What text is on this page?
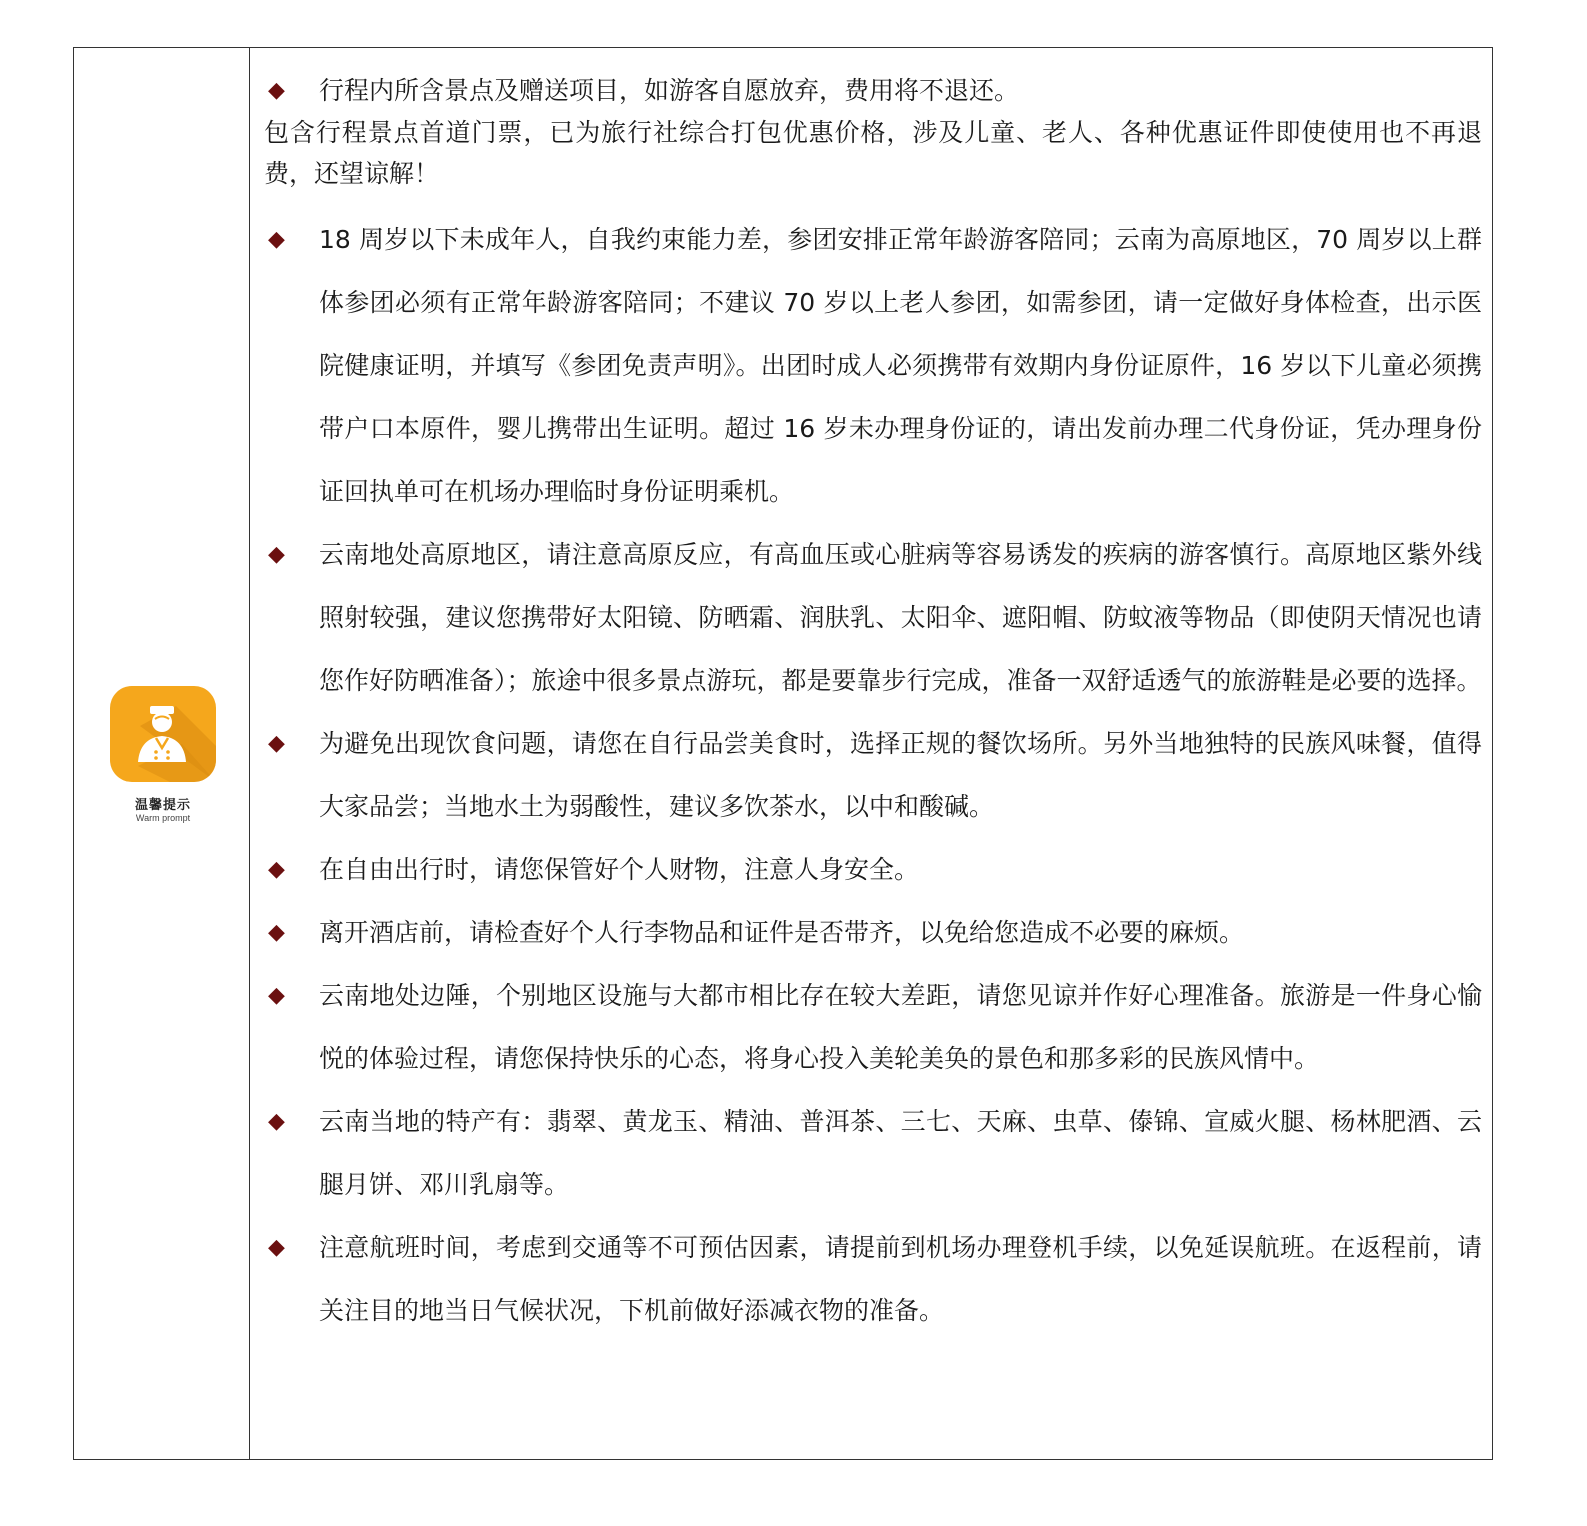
温馨提示
Warm prompt
◆ 行程内所含景点及赠送项目，如游客自愿放弃，费用将不退还。
包含行程景点首道门票，已为旅行社综合打包优惠价格，涉及儿童、老人、各种优惠证件即使使用也不再退费，还望谅解！
◆ 18 周岁以下未成年人，自我约束能力差，参团安排正常年龄游客陪同；云南为高原地区，70 周岁以上群体参团必须有正常年龄游客陪同；不建议 70 岁以上老人参团，如需参团，请一定做好身体检查，出示医院健康证明，并填写《参团免责声明》。出团时成人必须携带有效期内身份证原件，16 岁以下儿童必须携带户口本原件，婴儿携带出生证明。超过 16 岁未办理身份证的，请出发前办理二代身份证，凭办理身份证回执单可在机场办理临时身份证明乘机。
◆ 云南地处高原地区，请注意高原反应，有高血压或心脏病等容易诱发的疾病的游客慎行。高原地区紫外线照射较强，建议您携带好太阳镜、防晒霜、润肤乳、太阳伞、遮阳帽、防蚊液等物品（即使阴天情况也请您作好防晒准备）；旅途中很多景点游玩，都是要靠步行完成，准备一双舒适透气的旅游鞋是必要的选择。
◆ 为避免出现饮食问题，请您在自行品尝美食时，选择正规的餐饮场所。另外当地独特的民族风味餐，值得大家品尝；当地水土为弱酸性，建议多饮茶水，以中和酸碱。
◆ 在自由出行时，请您保管好个人财物，注意人身安全。
◆ 离开酒店前，请检查好个人行李物品和证件是否带齐，以免给您造成不必要的麻烦。
◆ 云南地处边陲，个别地区设施与大都市相比存在较大差距，请您见谅并作好心理准备。旅游是一件身心愉悦的体验过程，请您保持快乐的心态，将身心投入美轮美奂的景色和那多彩的民族风情中。
◆ 云南当地的特产有：翡翠、黄龙玉、精油、普洱茶、三七、天麻、虫草、傣锦、宣威火腿、杨林肥酒、云腿月饼、邓川乳扇等。
◆ 注意航班时间，考虑到交通等不可预估因素，请提前到机场办理登机手续，以免延误航班。在返程前，请关注目的地当日气候状况，下机前做好添减衣物的准备。
